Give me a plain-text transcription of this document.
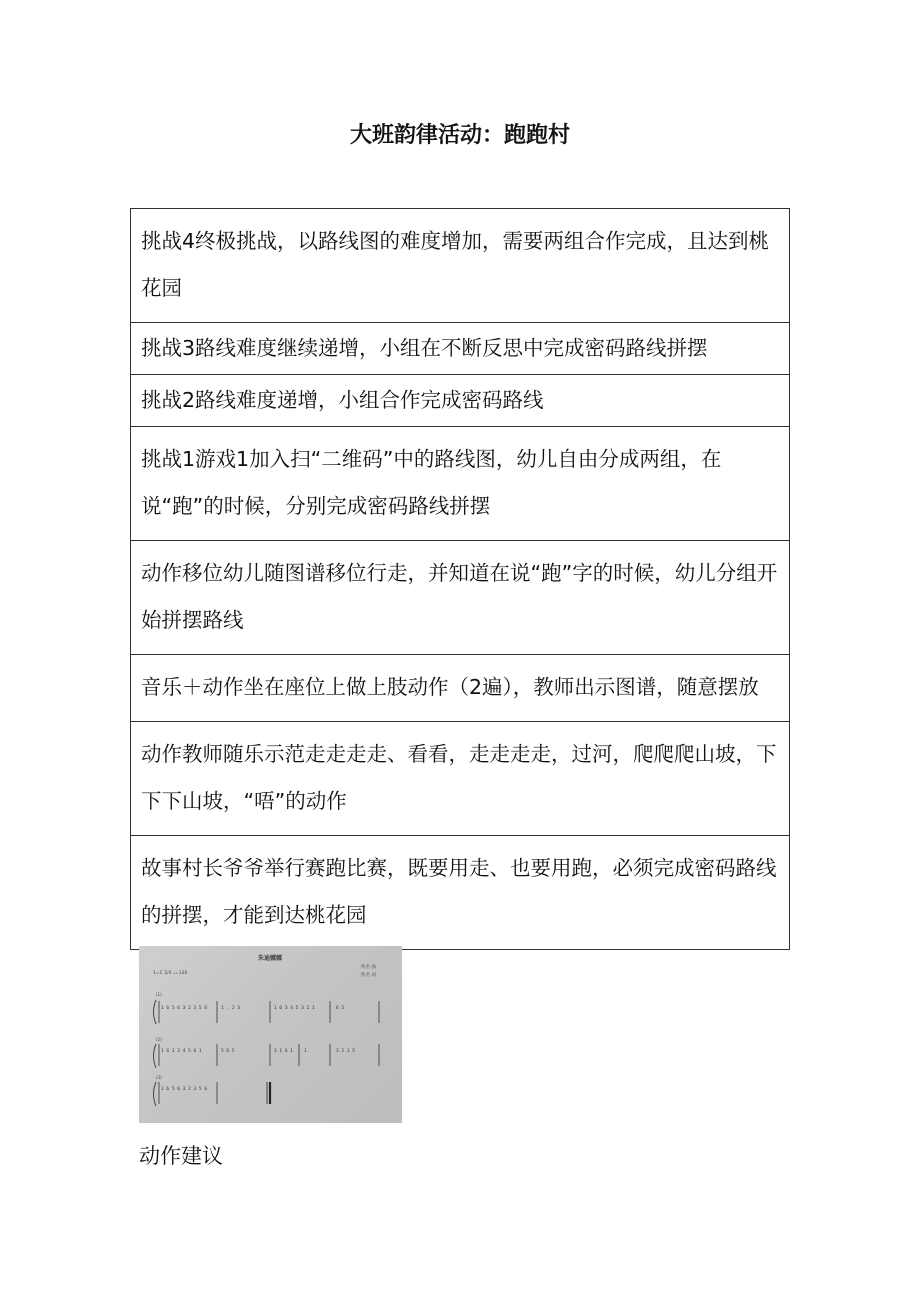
大班韵律活动：跑跑村
挑战4终极挑战，以路线图的难度增加，需要两组合作完成，且达到桃花园
挑战3路线难度继续递增，小组在不断反思中完成密码路线拼摆
挑战2路线难度递增，小组合作完成密码路线
挑战1游戏1加入扫“二维码”中的路线图，幼儿自由分成两组，在说“跑”的时候，分别完成密码路线拼摆
动作移位幼儿随图谱移位行走，并知道在说“跑”字的时候，幼儿分组开始拼摆路线
音乐＋动作坐在座位上做上肢动作（2遍），教师出示图谱，随意摆放
动作教师随乐示范走走走走、看看，走走走走，过河，爬爬爬山坡，下下下山坡，“唔”的动作
故事村长爷爷举行赛跑比赛，既要用走、也要用跑，必须完成密码路线的拼摆，才能到达桃花园
朱迪娜娜
1=C 2/4 ♩=120
佚名 曲
佚名 词
(1)
1 6 5 6 3 2 3 5 6	1 . 2 3	1 6 3 4 5 3 2 1	6 5
(2)
1 6 3 2 4 5 6 1	5 6 5	3 1 6 1 1	3 2 1 5
(3)
1 6 5 6 3 2 3 5 6
动作建议
